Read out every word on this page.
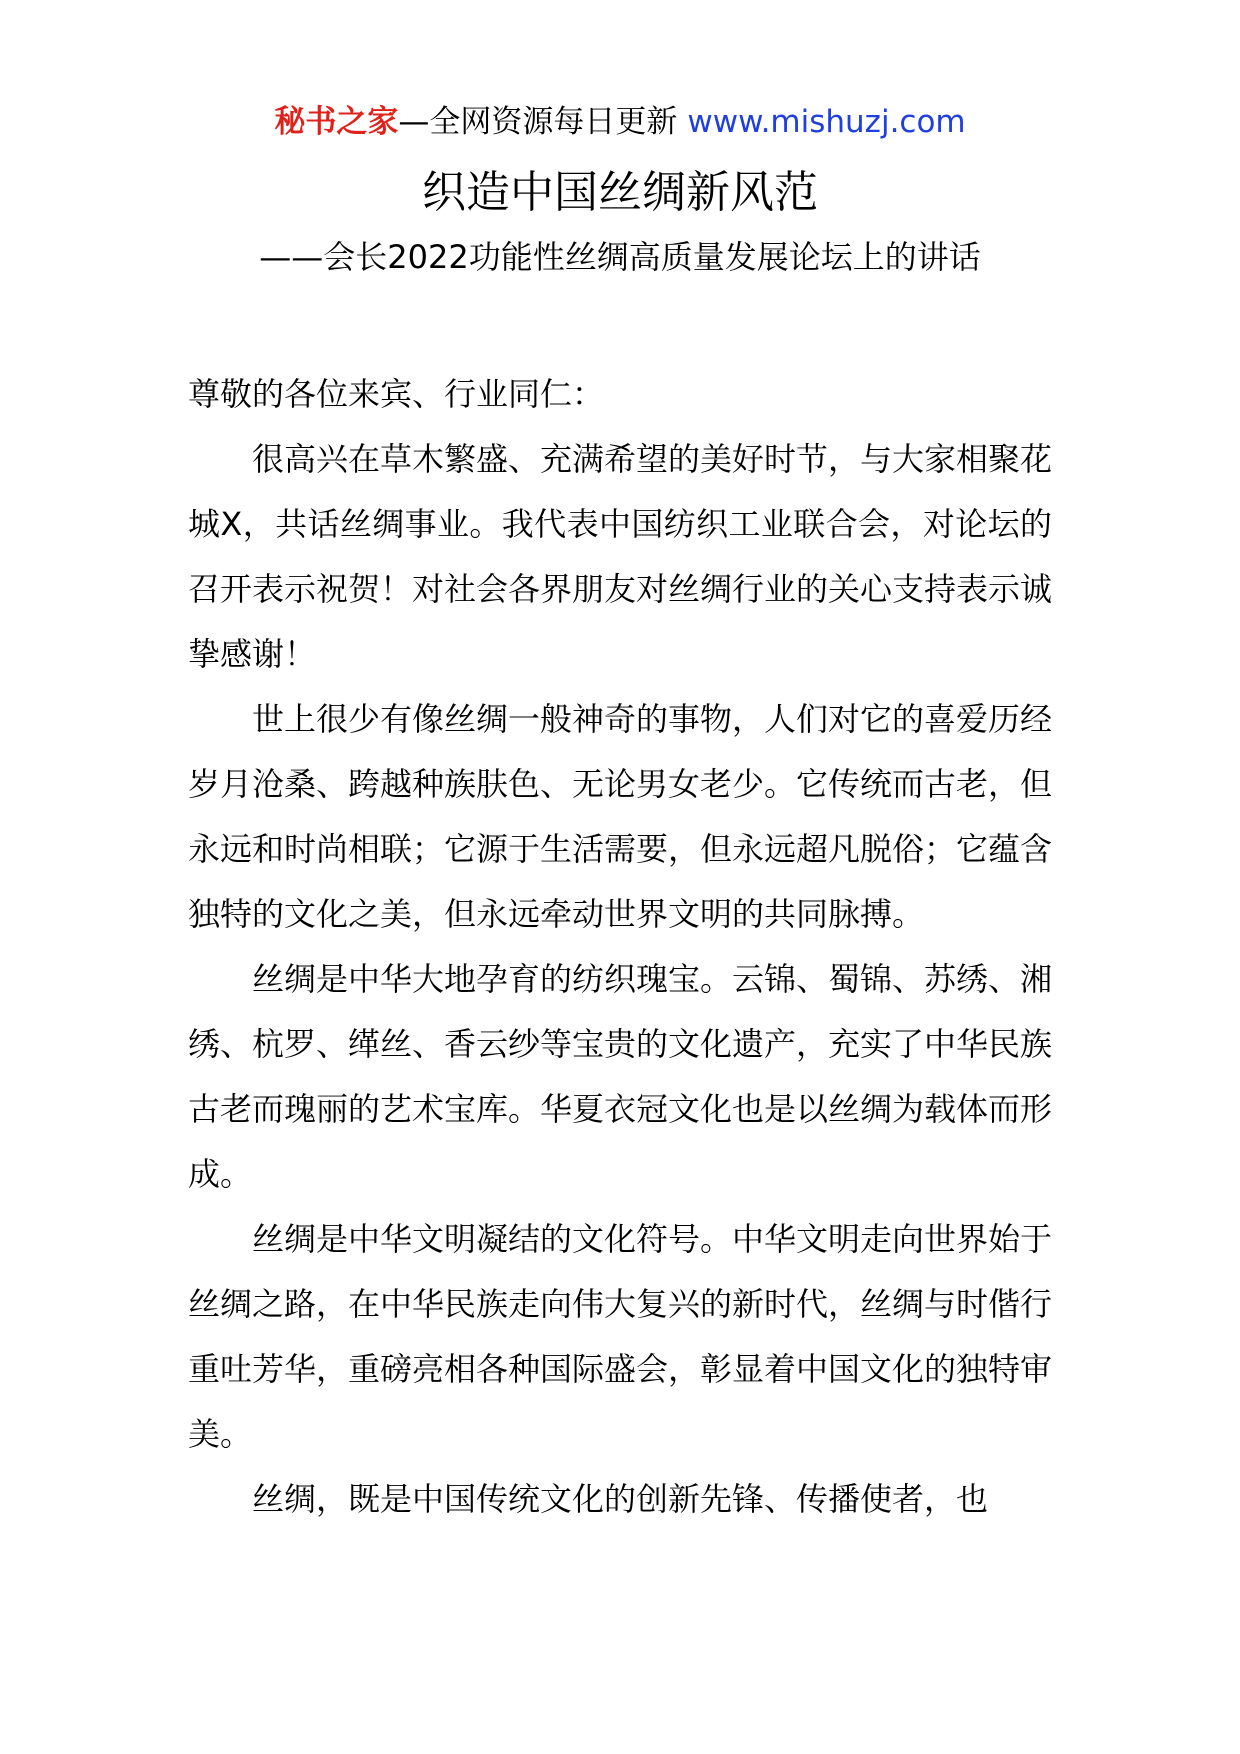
秘书之家—全网资源每日更新 www.mishuzj.com
织造中国丝绸新风范
——会长2022功能性丝绸高质量发展论坛上的讲话

尊敬的各位来宾、行业同仁：

很高兴在草木繁盛、充满希望的美好时节，与大家相聚花城X，共话丝绸事业。我代表中国纺织工业联合会，对论坛的召开表示祝贺！对社会各界朋友对丝绸行业的关心支持表示诚挚感谢！

世上很少有像丝绸一般神奇的事物，人们对它的喜爱历经岁月沧桑、跨越种族肤色、无论男女老少。它传统而古老，但永远和时尚相联；它源于生活需要，但永远超凡脱俗；它蕴含独特的文化之美，但永远牵动世界文明的共同脉搏。

丝绸是中华大地孕育的纺织瑰宝。云锦、蜀锦、苏绣、湘绣、杭罗、缂丝、香云纱等宝贵的文化遗产，充实了中华民族古老而瑰丽的艺术宝库。华夏衣冠文化也是以丝绸为载体而形成。

丝绸是中华文明凝结的文化符号。中华文明走向世界始于丝绸之路，在中华民族走向伟大复兴的新时代，丝绸与时偕行重吐芳华，重磅亮相各种国际盛会，彰显着中国文化的独特审美。

丝绸，既是中国传统文化的创新先锋、传播使者，也
